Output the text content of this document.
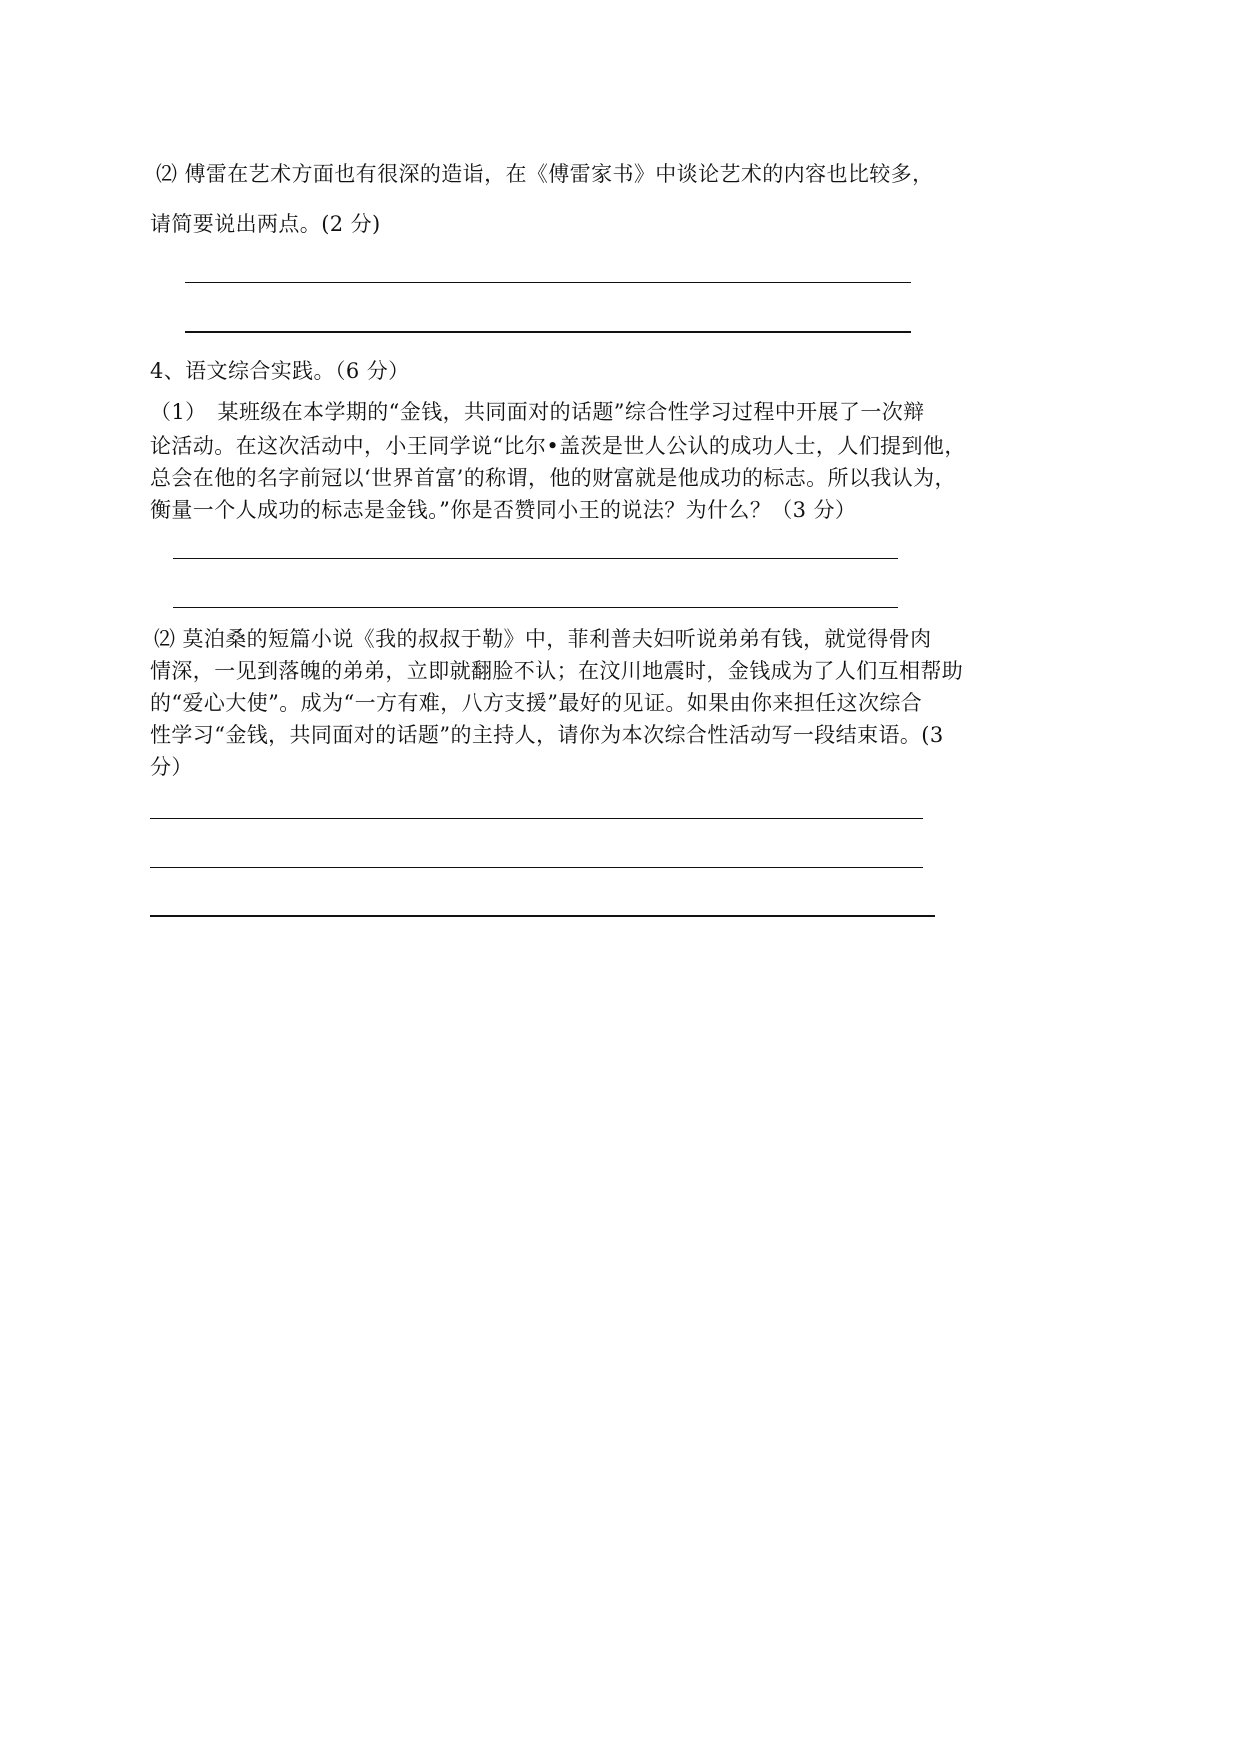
⑵ 傅雷在艺术方面也有很深的造诣，在《傅雷家书》中谈论艺术的内容也比较多，
请简要说出两点。(2 分)
4、语文综合实践。（6 分）
（1）　某班级在本学期的“金钱，共同面对的话题”综合性学习过程中开展了一次辩
论活动。在这次活动中，小王同学说“比尔•盖茨是世人公认的成功人士，人们提到他，
总会在他的名字前冠以‘世界首富’的称谓，他的财富就是他成功的标志。所以我认为，
衡量一个人成功的标志是金钱。”你是否赞同小王的说法？为什么？（3 分）
⑵ 莫泊桑的短篇小说《我的叔叔于勒》中，菲利普夫妇听说弟弟有钱，就觉得骨肉
情深，一见到落魄的弟弟，立即就翻脸不认；在汶川地震时，金钱成为了人们互相帮助
的“爱心大使”。成为“一方有难，八方支援”最好的见证。如果由你来担任这次综合
性学习“金钱，共同面对的话题”的主持人，请你为本次综合性活动写一段结束语。(3
分）
